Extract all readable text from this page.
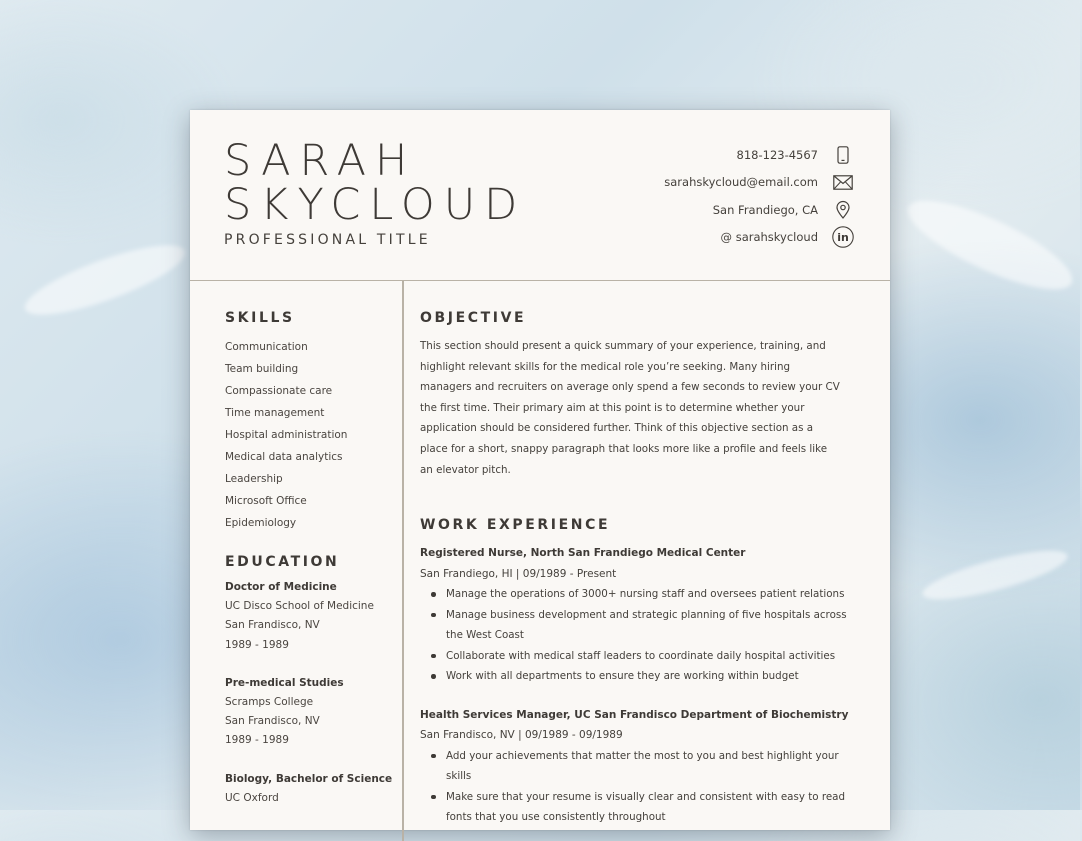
SARAH
SKYCLOUD
PROFESSIONAL TITLE
818-123-4567
sarahskycloud@email.com
San Frandiego, CA
@ sarahskycloud in
SKILLS
Communication
Team building
Compassionate care
Time management
Hospital administration
Medical data analytics
Leadership
Microsoft Office
Epidemiology
EDUCATION
Doctor of Medicine
UC Disco School of Medicine
San Frandisco, NV
1989 - 1989
Pre-medical Studies
Scramps College
San Frandisco, NV
1989 - 1989
Biology, Bachelor of Science
UC Oxford
OBJECTIVE

This section should present a quick summary of your experience, training, and highlight relevant skills for the medical role you’re seeking. Many hiring managers and recruiters on average only spend a few seconds to review your CV the first time. Their primary aim at this point is to determine whether your application should be considered further. Think of this objective section as a place for a short, snappy paragraph that looks more like a profile and feels like an elevator pitch.

WORK EXPERIENCE
Registered Nurse, North San Frandiego Medical Center
San Frandiego, HI | 09/1989 - Present
Manage the operations of 3000+ nursing staff and oversees patient relations
Manage business development and strategic planning of five hospitals across the West Coast
Collaborate with medical staff leaders to coordinate daily hospital activities
Work with all departments to ensure they are working within budget
Health Services Manager, UC San Frandisco Department of Biochemistry
San Frandisco, NV | 09/1989 - 09/1989
Add your achievements that matter the most to you and best highlight your skills
Make sure that your resume is visually clear and consistent with easy to read fonts that you use consistently throughout
